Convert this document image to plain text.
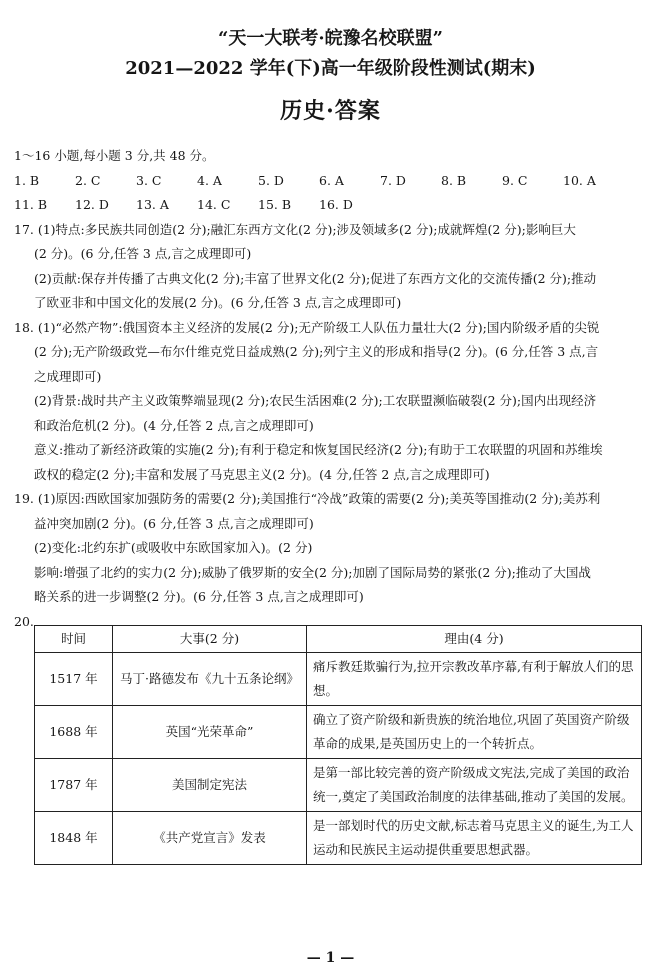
“天一大联考·皖豫名校联盟”
2021—2022 学年(下)高一年级阶段性测试(期末)
历史·答案
1～16 小题,每小题 3 分,共 48 分。
1. B	2. C	3. C	4. A	5. D	6. A	7. D	8. B	9. C	10. A
11. B	12. D	13. A	14. C	15. B	16. D
17. (1)特点:多民族共同创造(2 分);融汇东西方文化(2 分);涉及领域多(2 分);成就辉煌(2 分);影响巨大
(2 分)。(6 分,任答 3 点,言之成理即可)
(2)贡献:保存并传播了古典文化(2 分);丰富了世界文化(2 分);促进了东西方文化的交流传播(2 分);推动
了欧亚非和中国文化的发展(2 分)。(6 分,任答 3 点,言之成理即可)
18. (1)“必然产物”:俄国资本主义经济的发展(2 分);无产阶级工人队伍力量壮大(2 分);国内阶级矛盾的尖锐
(2 分);无产阶级政党—布尔什维克党日益成熟(2 分);列宁主义的形成和指导(2 分)。(6 分,任答 3 点,言
之成理即可)
(2)背景:战时共产主义政策弊端显现(2 分);农民生活困难(2 分);工农联盟濒临破裂(2 分);国内出现经济
和政治危机(2 分)。(4 分,任答 2 点,言之成理即可)
意义:推动了新经济政策的实施(2 分);有利于稳定和恢复国民经济(2 分);有助于工农联盟的巩固和苏维埃
政权的稳定(2 分);丰富和发展了马克思主义(2 分)。(4 分,任答 2 点,言之成理即可)
19. (1)原因:西欧国家加强防务的需要(2 分);美国推行“冷战”政策的需要(2 分);美英等国推动(2 分);美苏利
益冲突加剧(2 分)。(6 分,任答 3 点,言之成理即可)
(2)变化:北约东扩(或吸收中东欧国家加入)。(2 分)
影响:增强了北约的实力(2 分);威胁了俄罗斯的安全(2 分);加剧了国际局势的紧张(2 分);推动了大国战
略关系的进一步调整(2 分)。(6 分,任答 3 点,言之成理即可)
20.
时间	大事(2 分)	理由(4 分)
1517 年	马丁·路德发布《九十五条论纲》	痛斥教廷欺骗行为,拉开宗教改革序幕,有利于解放人们的思想。
1688 年	英国“光荣革命”	确立了资产阶级和新贵族的统治地位,巩固了英国资产阶级革命的成果,是英国历史上的一个转折点。
1787 年	美国制定宪法	是第一部比较完善的资产阶级成文宪法,完成了美国的政治统一,奠定了美国政治制度的法律基础,推动了美国的发展。
1848 年	《共产党宣言》发表	是一部划时代的历史文献,标志着马克思主义的诞生,为工人运动和民族民主运动提供重要思想武器。
— 1 —
